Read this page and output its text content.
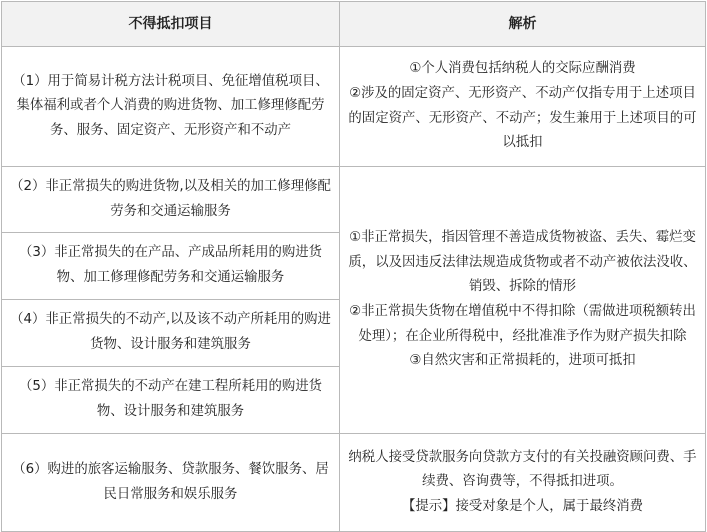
不得抵扣项目	解析
（1）用于简易计税方法计税项目、免征增值税项目、集体福利或者个人消费的购进货物、加工修理修配劳务、服务、固定资产、无形资产和不动产	①个人消费包括纳税人的交际应酬消费
②涉及的固定资产、无形资产、不动产仅指专用于上述项目的固定资产、无形资产、不动产；发生兼用于上述项目的可以抵扣

（2）非正常损失的购进货物,以及相关的加工修理修配劳务和交通运输服务	①非正常损失，指因管理不善造成货物被盗、丢失、霉烂变质，以及因违反法律法规造成货物或者不动产被依法没收、销毁、拆除的情形
②非正常损失货物在增值税中不得扣除（需做进项税额转出处理）；在企业所得税中，经批准准予作为财产损失扣除
③自然灾害和正常损耗的，进项可抵扣

（3）非正常损失的在产品、产成品所耗用的购进货物、加工修理修配劳务和交通运输服务	
（4）非正常损失的不动产,以及该不动产所耗用的购进货物、设计服务和建筑服务	
（5）非正常损失的不动产在建工程所耗用的购进货物、设计服务和建筑服务	
（6）购进的旅客运输服务、贷款服务、餐饮服务、居民日常服务和娱乐服务	纳税人接受贷款服务向贷款方支付的有关投融资顾问费、手续费、咨询费等，不得抵扣进项。
【提示】接受对象是个人，属于最终消费
